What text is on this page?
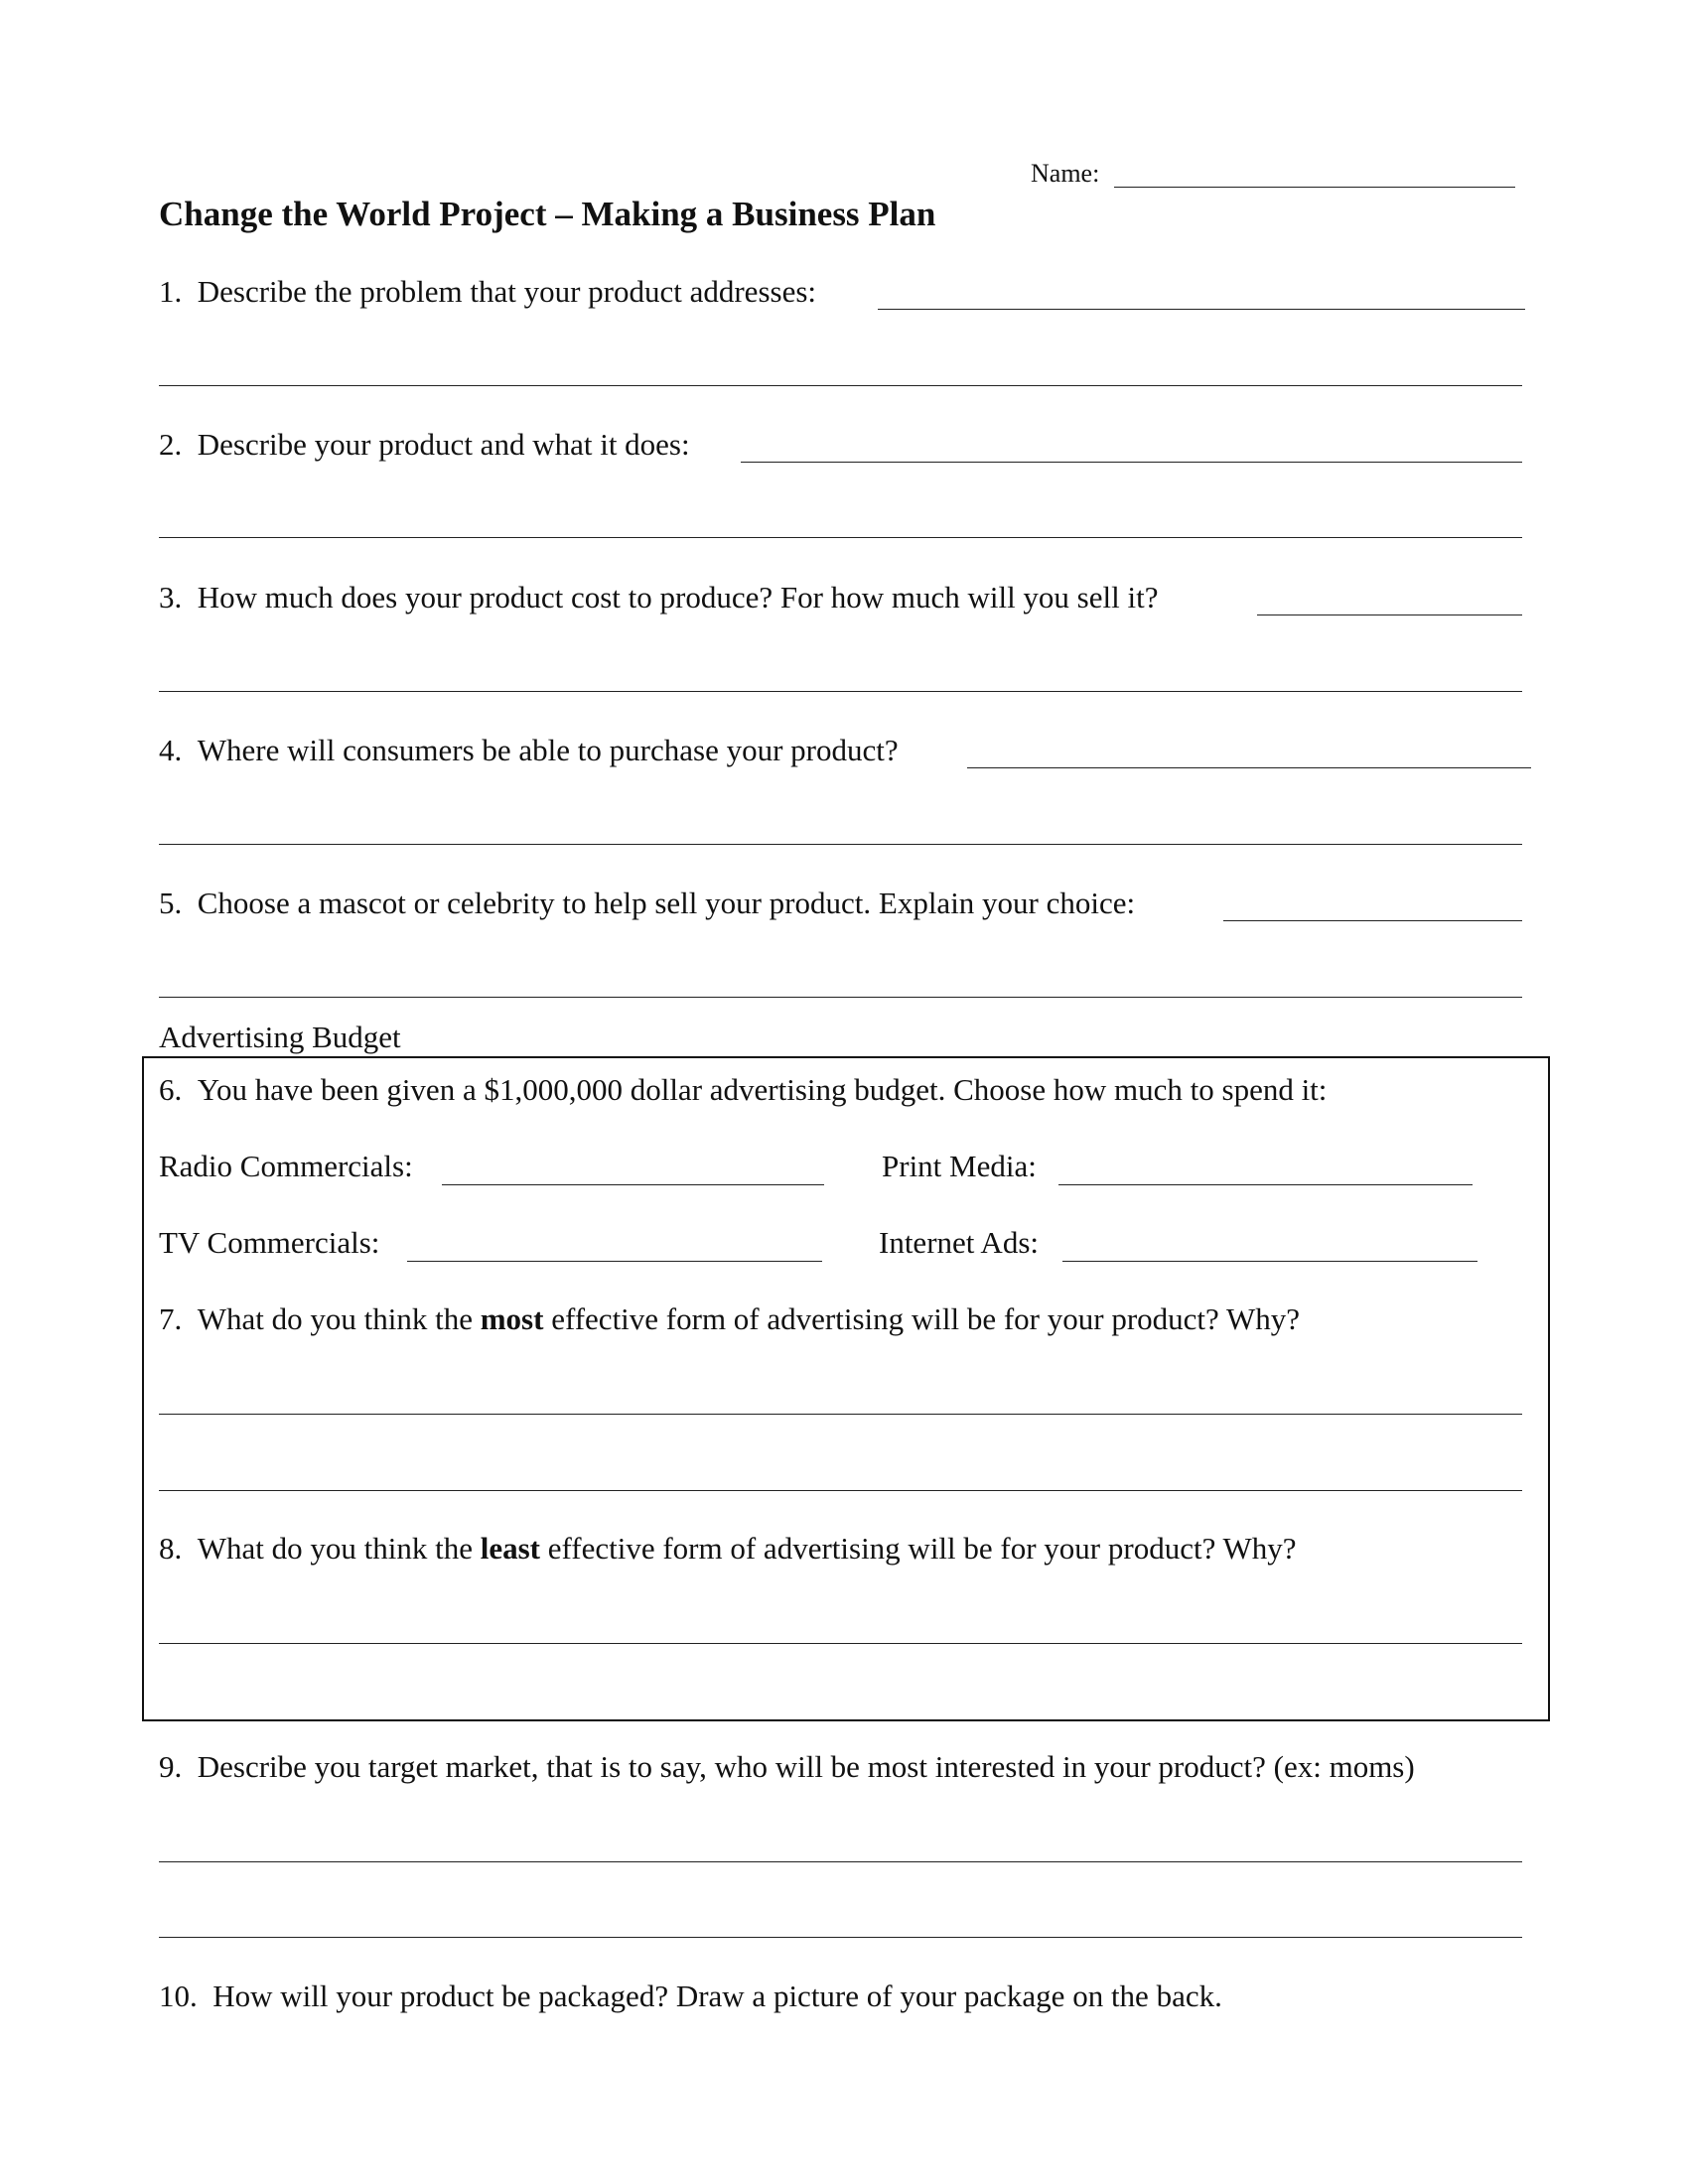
Name:
Change the World Project – Making a Business Plan
1. Describe the problem that your product addresses:
2. Describe your product and what it does:
3. How much does your product cost to produce? For how much will you sell it?
4. Where will consumers be able to purchase your product?
5. Choose a mascot or celebrity to help sell your product. Explain your choice:
Advertising Budget
6. You have been given a $1,000,000 dollar advertising budget. Choose how much to spend it:
Radio Commercials:	Print Media:
TV Commercials:	Internet Ads:
7. What do you think the most effective form of advertising will be for your product? Why?
8. What do you think the least effective form of advertising will be for your product? Why?
9. Describe you target market, that is to say, who will be most interested in your product? (ex: moms)
10. How will your product be packaged? Draw a picture of your package on the back.
